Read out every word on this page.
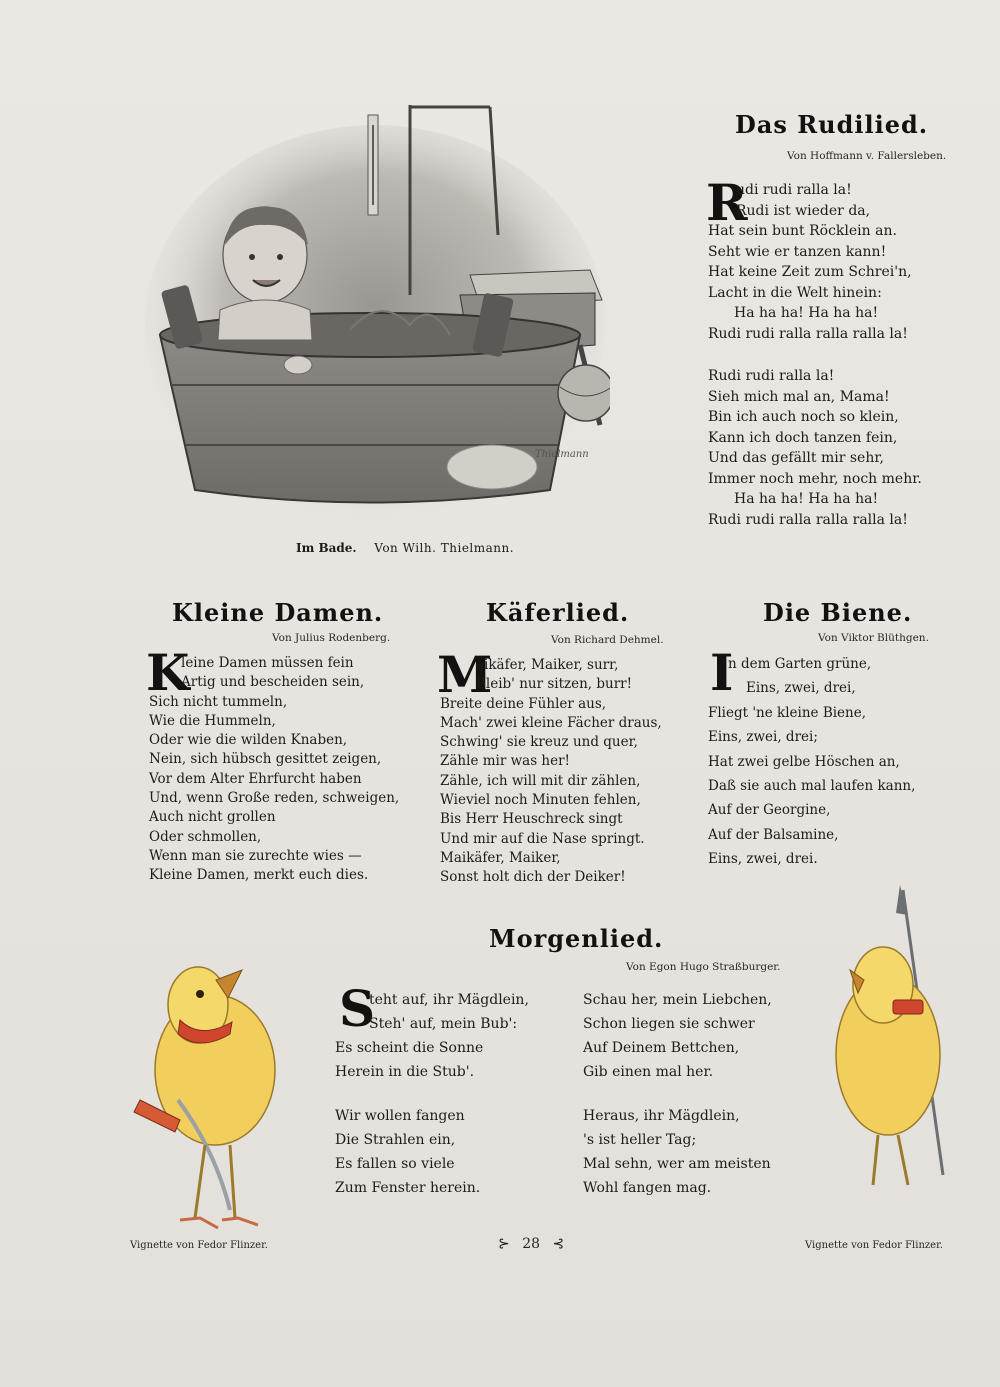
Thielmann
Im Bade. Von Wilh. Thielmann.
Das Rudilied.
Von Hoffmann v. Fallersleben.
R
udi rudi ralla la!
Rudi ist wieder da,
Hat sein bunt Röcklein an.
Seht wie er tanzen kann!
Hat keine Zeit zum Schrei'n,
Lacht in die Welt hinein:
Ha ha ha! Ha ha ha!
Rudi rudi ralla ralla ralla la!
Rudi rudi ralla la!
Sieh mich mal an, Mama!
Bin ich auch noch so klein,
Kann ich doch tanzen fein,
Und das gefällt mir sehr,
Immer noch mehr, noch mehr.
Ha ha ha! Ha ha ha!
Rudi rudi ralla ralla ralla la!
Kleine Damen.
Von Julius Rodenberg.
K
leine Damen müssen fein
Artig und bescheiden sein,
Sich nicht tummeln,
Wie die Hummeln,
Oder wie die wilden Knaben,
Nein, sich hübsch gesittet zeigen,
Vor dem Alter Ehrfurcht haben
Und, wenn Große reden, schweigen,
Auch nicht grollen
Oder schmollen,
Wenn man sie zurechte wies —
Kleine Damen, merkt euch dies.
Käferlied.
Von Richard Dehmel.
M
aikäfer, Maiker, surr,
Bleib' nur sitzen, burr!
Breite deine Fühler aus,
Mach' zwei kleine Fächer draus,
Schwing' sie kreuz und quer,
Zähle mir was her!
Zähle, ich will mit dir zählen,
Wieviel noch Minuten fehlen,
Bis Herr Heuschreck singt
Und mir auf die Nase springt.
Maikäfer, Maiker,
Sonst holt dich der Deiker!
Die Biene.
Von Viktor Blüthgen.
I
n dem Garten grüne,
Eins, zwei, drei,
Fliegt 'ne kleine Biene,
Eins, zwei, drei;
Hat zwei gelbe Höschen an,
Daß sie auch mal laufen kann,
Auf der Georgine,
Auf der Balsamine,
Eins, zwei, drei.
Morgenlied.
Von Egon Hugo Straßburger.
S
teht auf, ihr Mägdlein,
Steh' auf, mein Bub':
Es scheint die Sonne
Herein in die Stub'.
Wir wollen fangen
Die Strahlen ein,
Es fallen so viele
Zum Fenster herein.
Schau her, mein Liebchen,
Schon liegen sie schwer
Auf Deinem Bettchen,
Gib einen mal her.
Heraus, ihr Mägdlein,
's ist heller Tag;
Mal sehn, wer am meisten
Wohl fangen mag.
Vignette von Fedor Flinzer.	Vignette von Fedor Flinzer.
⊱ 28 ⊰
